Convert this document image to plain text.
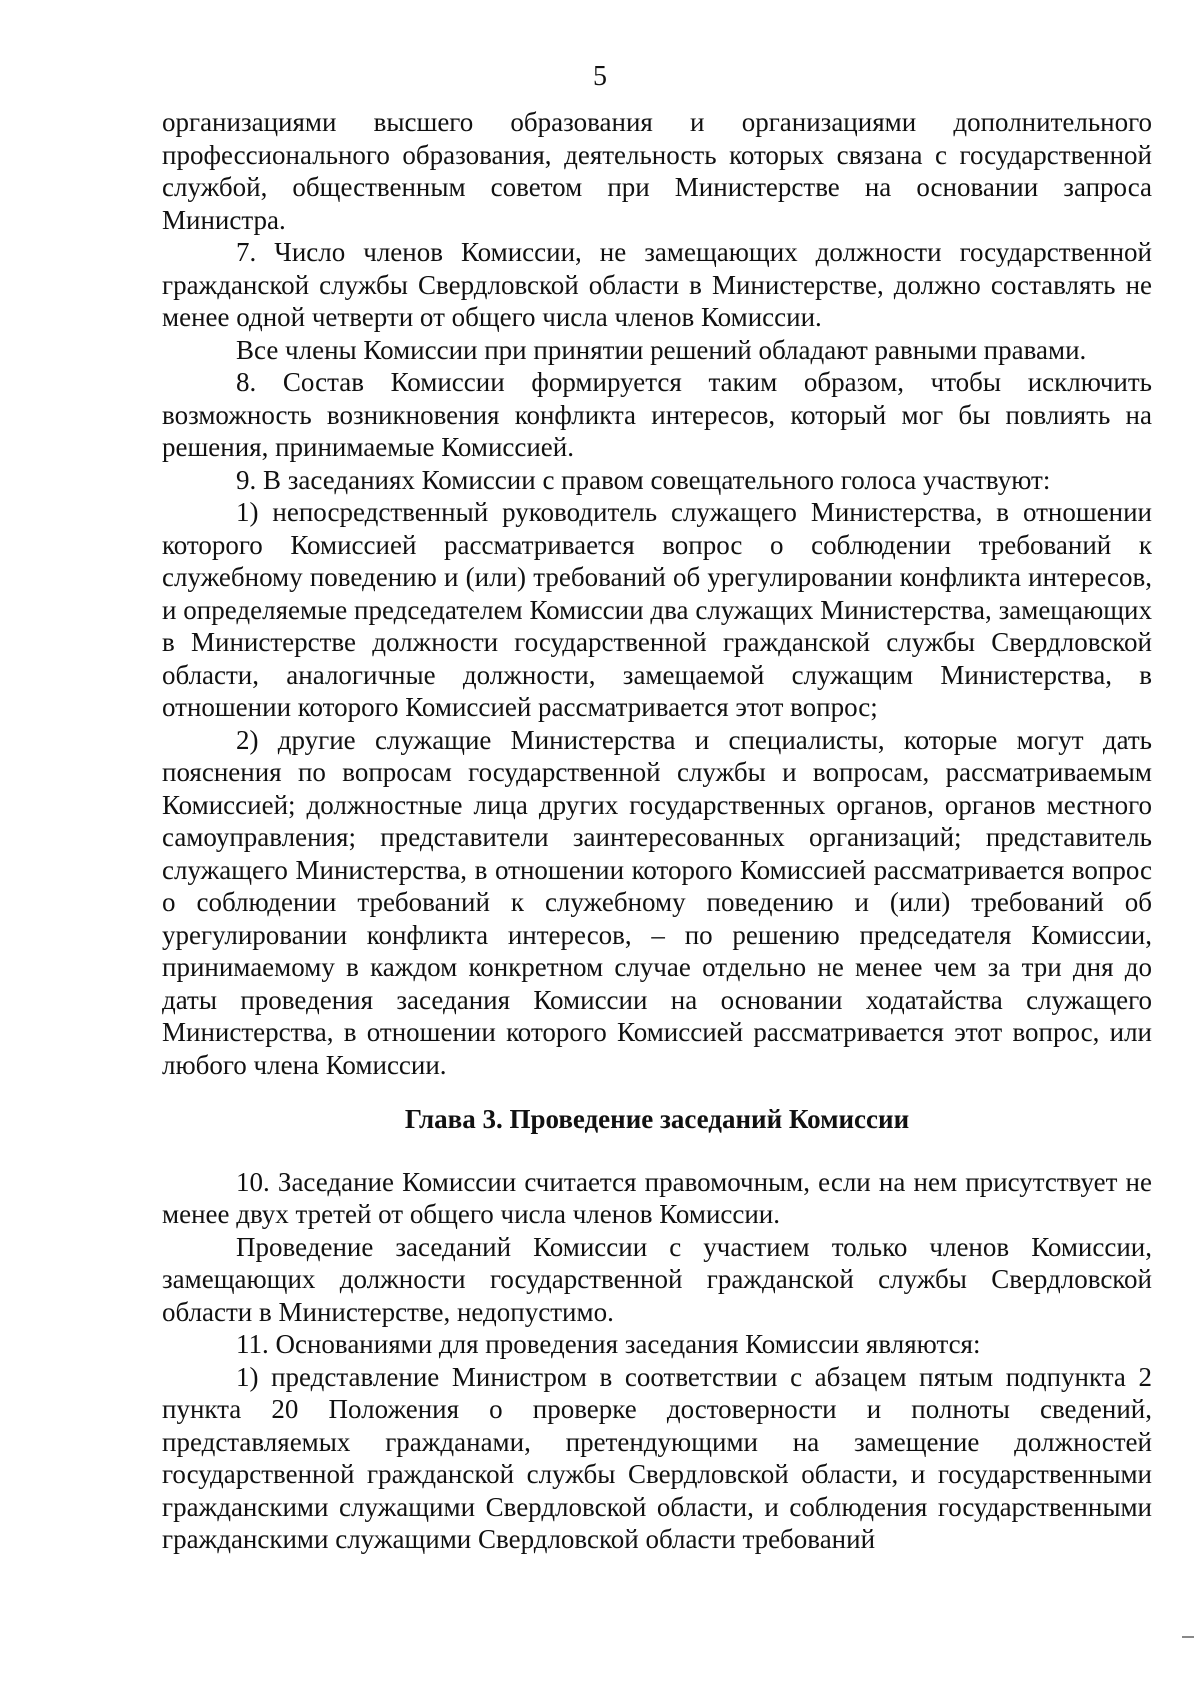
5

организациями высшего образования и организациями дополнительного профессионального образования, деятельность которых связана с государственной службой, общественным советом при Министерстве на основании запроса Министра.

7. Число членов Комиссии, не замещающих должности государственной гражданской службы Свердловской области в Министерстве, должно составлять не менее одной четверти от общего числа членов Комиссии.

Все члены Комиссии при принятии решений обладают равными правами.

8. Состав Комиссии формируется таким образом, чтобы исключить возможность возникновения конфликта интересов, который мог бы повлиять на решения, принимаемые Комиссией.

9. В заседаниях Комиссии с правом совещательного голоса участвуют:

1) непосредственный руководитель служащего Министерства, в отношении которого Комиссией рассматривается вопрос о соблюдении требований к служебному поведению и (или) требований об урегулировании конфликта интересов, и определяемые председателем Комиссии два служащих Министерства, замещающих в Министерстве должности государственной гражданской службы Свердловской области, аналогичные должности, замещаемой служащим Министерства, в отношении которого Комиссией рассматривается этот вопрос;

2) другие служащие Министерства и специалисты, которые могут дать пояснения по вопросам государственной службы и вопросам, рассматриваемым Комиссией; должностные лица других государственных органов, органов местного самоуправления; представители заинтересованных организаций; представитель служащего Министерства, в отношении которого Комиссией рассматривается вопрос о соблюдении требований к служебному поведению и (или) требований об урегулировании конфликта интересов, – по решению председателя Комиссии, принимаемому в каждом конкретном случае отдельно не менее чем за три дня до даты проведения заседания Комиссии на основании ходатайства служащего Министерства, в отношении которого Комиссией рассматривается этот вопрос, или любого члена Комиссии.

Глава 3. Проведение заседаний Комиссии

10. Заседание Комиссии считается правомочным, если на нем присутствует не менее двух третей от общего числа членов Комиссии.

Проведение заседаний Комиссии с участием только членов Комиссии, замещающих должности государственной гражданской службы Свердловской области в Министерстве, недопустимо.

11. Основаниями для проведения заседания Комиссии являются:

1) представление Министром в соответствии с абзацем пятым подпункта 2 пункта 20 Положения о проверке достоверности и полноты сведений, представляемых гражданами, претендующими на замещение должностей государственной гражданской службы Свердловской области, и государственными гражданскими служащими Свердловской области, и соблюдения государственными гражданскими служащими Свердловской области требований
